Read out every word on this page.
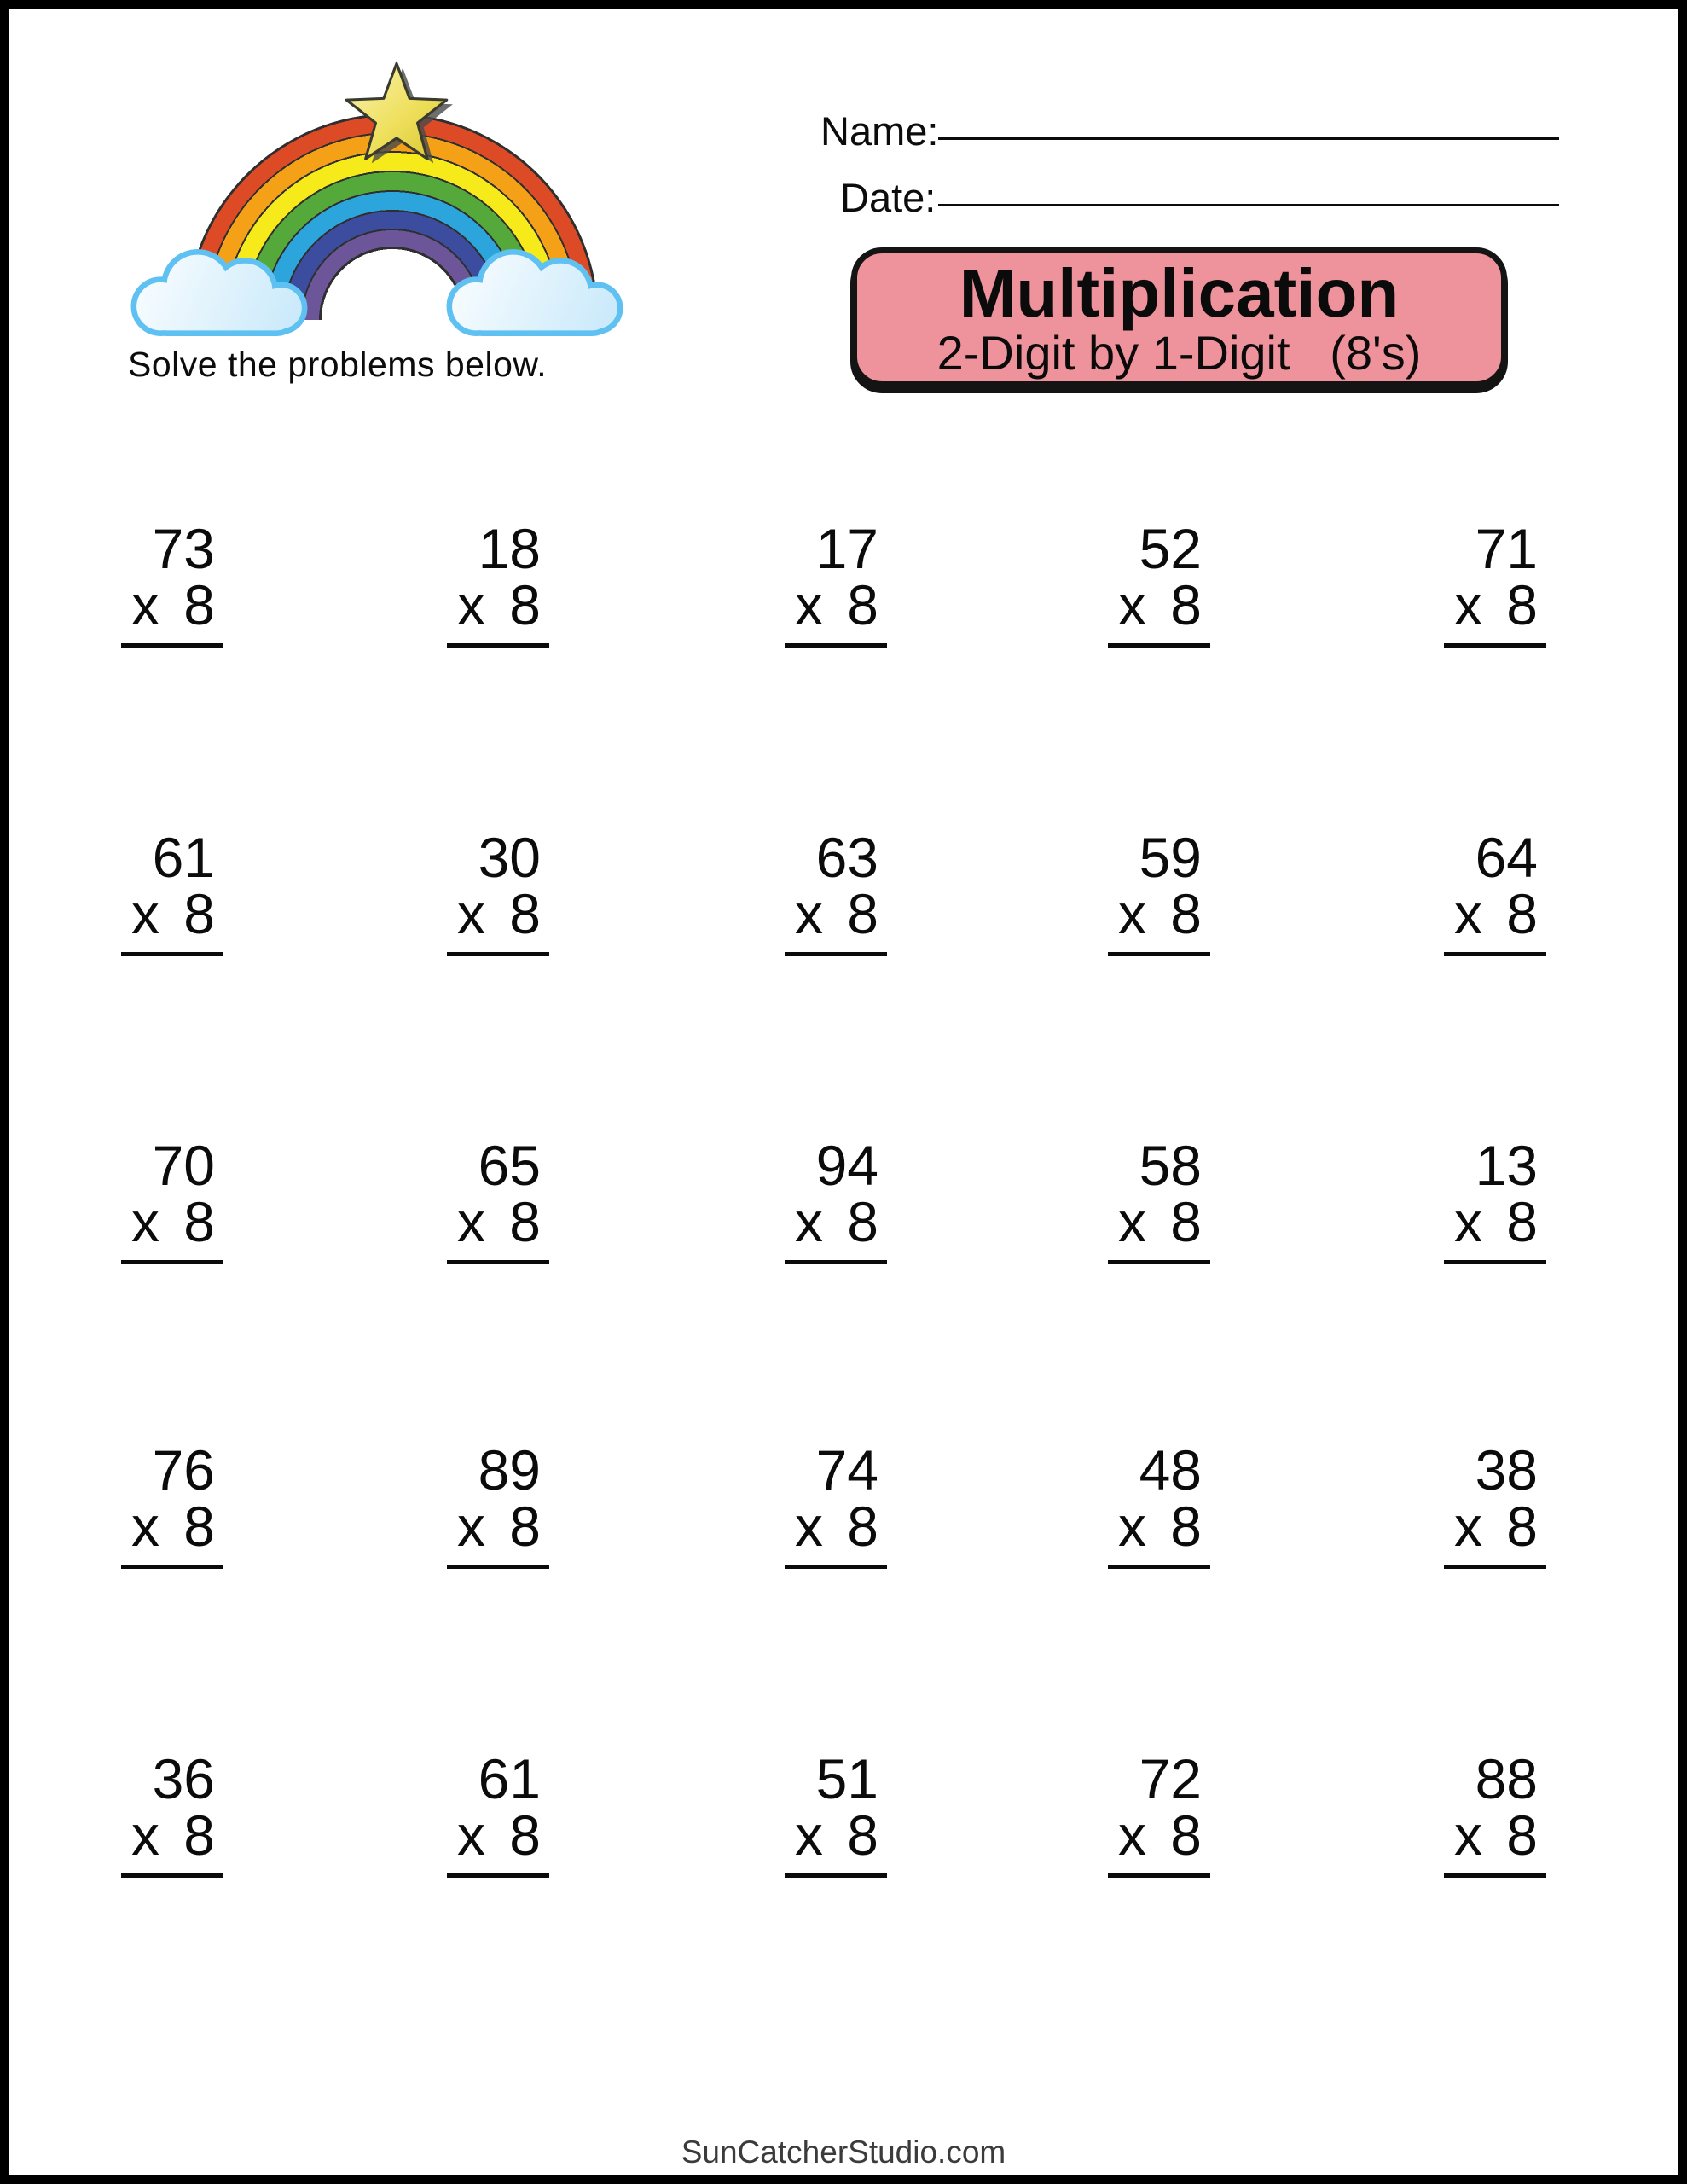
Solve the problems below.
Name:
Date:
Multiplication
2-Digit by 1-Digit   (8's)
73
x 8
18
x 8
17
x 8
52
x 8
71
x 8
61
x 8
30
x 8
63
x 8
59
x 8
64
x 8
70
x 8
65
x 8
94
x 8
58
x 8
13
x 8
76
x 8
89
x 8
74
x 8
48
x 8
38
x 8
36
x 8
61
x 8
51
x 8
72
x 8
88
x 8
SunCatcherStudio.com
